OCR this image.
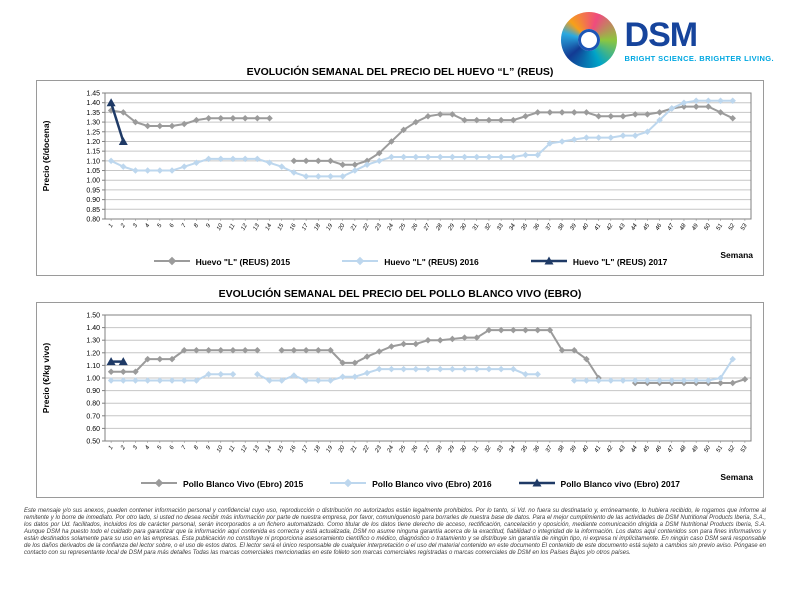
DSM
BRIGHT SCIENCE. BRIGHTER LIVING.
EVOLUCIÓN SEMANAL DEL PRECIO DEL HUEVO “L” (REUS)
0.80
0.85
0.90
0.95
1.00
1.05
1.10
1.15
1.20
1.25
1.30
1.35
1.40
1.45
1 2 3 4 5 6 7 8 9 10 11 12 13 14 15 16 17 18 19 20 21 22 23 24 25 26 27 28 29 30 31 32 33 34 35 36 37 38 39 40 41 42 43 44 45 46 47 48 49 50 51 52 53
Precio (€/docena)
Semana
Huevo "L" (REUS) 2015	Huevo "L" (REUS) 2016	Huevo "L" (REUS) 2017
EVOLUCIÓN SEMANAL DEL PRECIO DEL POLLO BLANCO VIVO (EBRO)
0.50
0.60
0.70
0.80
0.90
1.00
1.10
1.20
1.30
1.40
1.50
1 2 3 4 5 6 7 8 9 10 11 12 13 14 15 16 17 18 19 20 21 22 23 24 25 26 27 28 29 30 31 32 33 34 35 36 37 38 39 40 41 42 43 44 45 46 47 48 49 50 51 52 53
Precio (€/kg vivo)
Semana
Pollo Blanco Vivo (Ebro) 2015	Pollo Blanco vivo (Ebro) 2016	Pollo Blanco vivo (Ebro) 2017
Este mensaje y/o sus anexos, pueden contener información personal y confidencial cuyo uso, reproducción o distribución no autorizados están legalmente prohibidos. Por lo tanto, si Vd. no fuera su destinatario y, erróneamente, lo hubiera recibido, le rogamos que informe al remitente y lo borre de inmediato. Por otro lado, si usted no desea recibir más información por parte de nuestra empresa, por favor, comuníquenoslo para borrarles de nuestra base de datos. Para el mejor cumplimiento de las actividades de DSM Nutritional Products Iberia, S.A., los datos por Ud. facilitados, incluidos los de carácter personal, serán incorporados a un fichero automatizado. Como titular de los datos tiene derecho de acceso, rectificación, cancelación y oposición, mediante comunicación dirigida a DSM Nutritional Products Iberia, S.A. Aunque DSM ha puesto todo el cuidado para garantizar que la información aquí contenida es correcta y está actualizada, DSM no asume ninguna garantía acerca de la exactitud, fiabilidad o integridad de la información. Los datos aquí contenidos son para fines informativos y están destinados solamente para su uso en las empresas. Esta publicación no constituye ni proporciona asesoramiento científico o médico, diagnóstico o tratamiento y se distribuye sin garantía de ningún tipo, ni expresa ni implícitamente. En ningún caso DSM será responsable de los daños derivados de la confianza del lector sobre, o el uso de estos datos. El lector será el único responsable de cualquier interpretación o el uso del material contenido en este documento El contenido de este documento está sujeto a cambios sin previo aviso. Póngase en contacto con su representante local de DSM para más detalles Todas las marcas comerciales mencionadas en este folleto son marcas comerciales registradas o marcas comerciales de DSM en los Países Bajos y/o otros países.
